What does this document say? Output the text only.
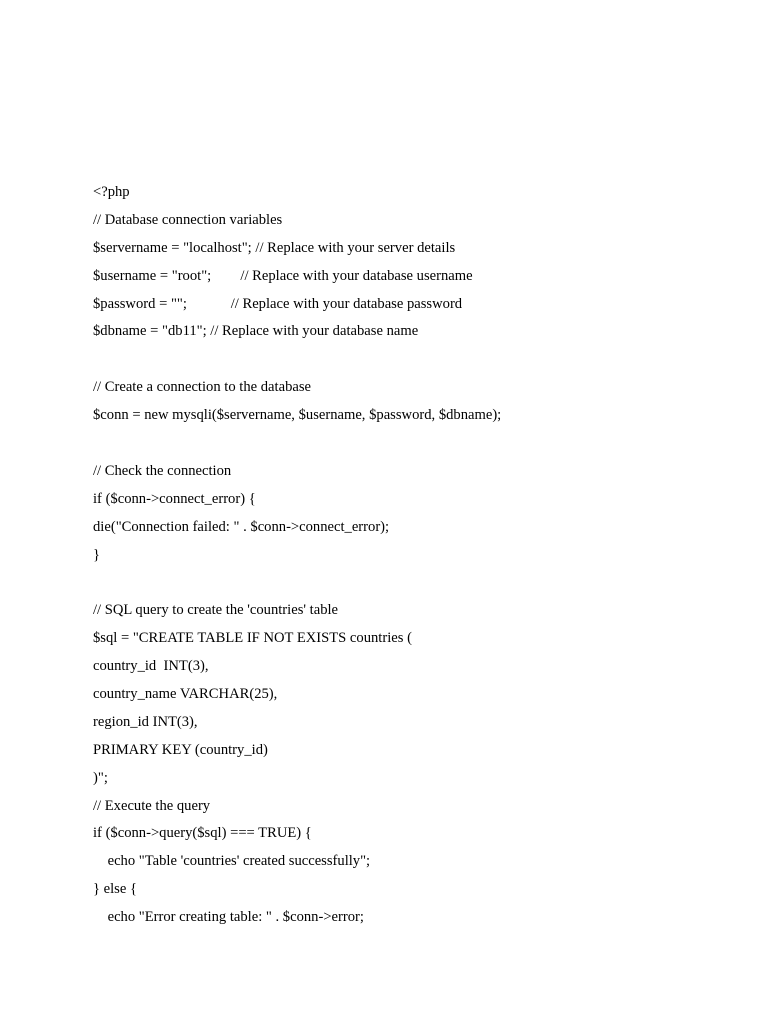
<?php
// Database connection variables
$servername = "localhost"; // Replace with your server details
$username = "root";        // Replace with your database username
$password = "";            // Replace with your database password
$dbname = "db11"; // Replace with your database name
// Create a connection to the database
$conn = new mysqli($servername, $username, $password, $dbname);
// Check the connection
if ($conn->connect_error) {
die("Connection failed: " . $conn->connect_error);
}
// SQL query to create the 'countries' table
$sql = "CREATE TABLE IF NOT EXISTS countries (
country_id  INT(3),
country_name VARCHAR(25),
region_id INT(3),
PRIMARY KEY (country_id)
)";
// Execute the query
if ($conn->query($sql) === TRUE) {
echo "Table 'countries' created successfully";
} else {
echo "Error creating table: " . $conn->error;
